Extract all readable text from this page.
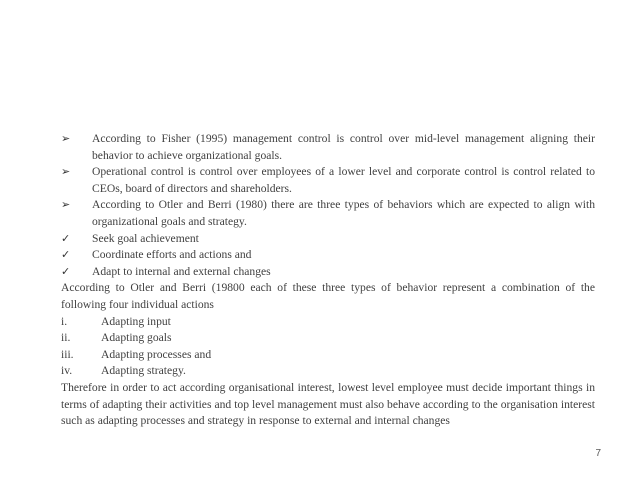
➢	According to Fisher (1995) management control is control over mid-level management aligning their behavior to achieve organizational goals.
➢	Operational control is control over employees of a lower level and corporate control is control related to CEOs, board of directors and shareholders.
➢	According to Otler and Berri (1980) there are three types of behaviors which are expected to align with organizational goals and strategy.
✓	Seek goal achievement
✓	Coordinate efforts and actions and
✓	Adapt to internal and external changes
According to Otler and Berri (19800 each of these three types of behavior represent a combination of the following four individual actions
i.	Adapting input
ii.	Adapting goals
iii. Adapting processes and
iv. Adapting strategy.
Therefore in order to act according organisational interest, lowest level employee must decide important things in terms of adapting their activities and top level management must also behave according to the organisation interest such as adapting processes and strategy in response to external and internal changes
7
